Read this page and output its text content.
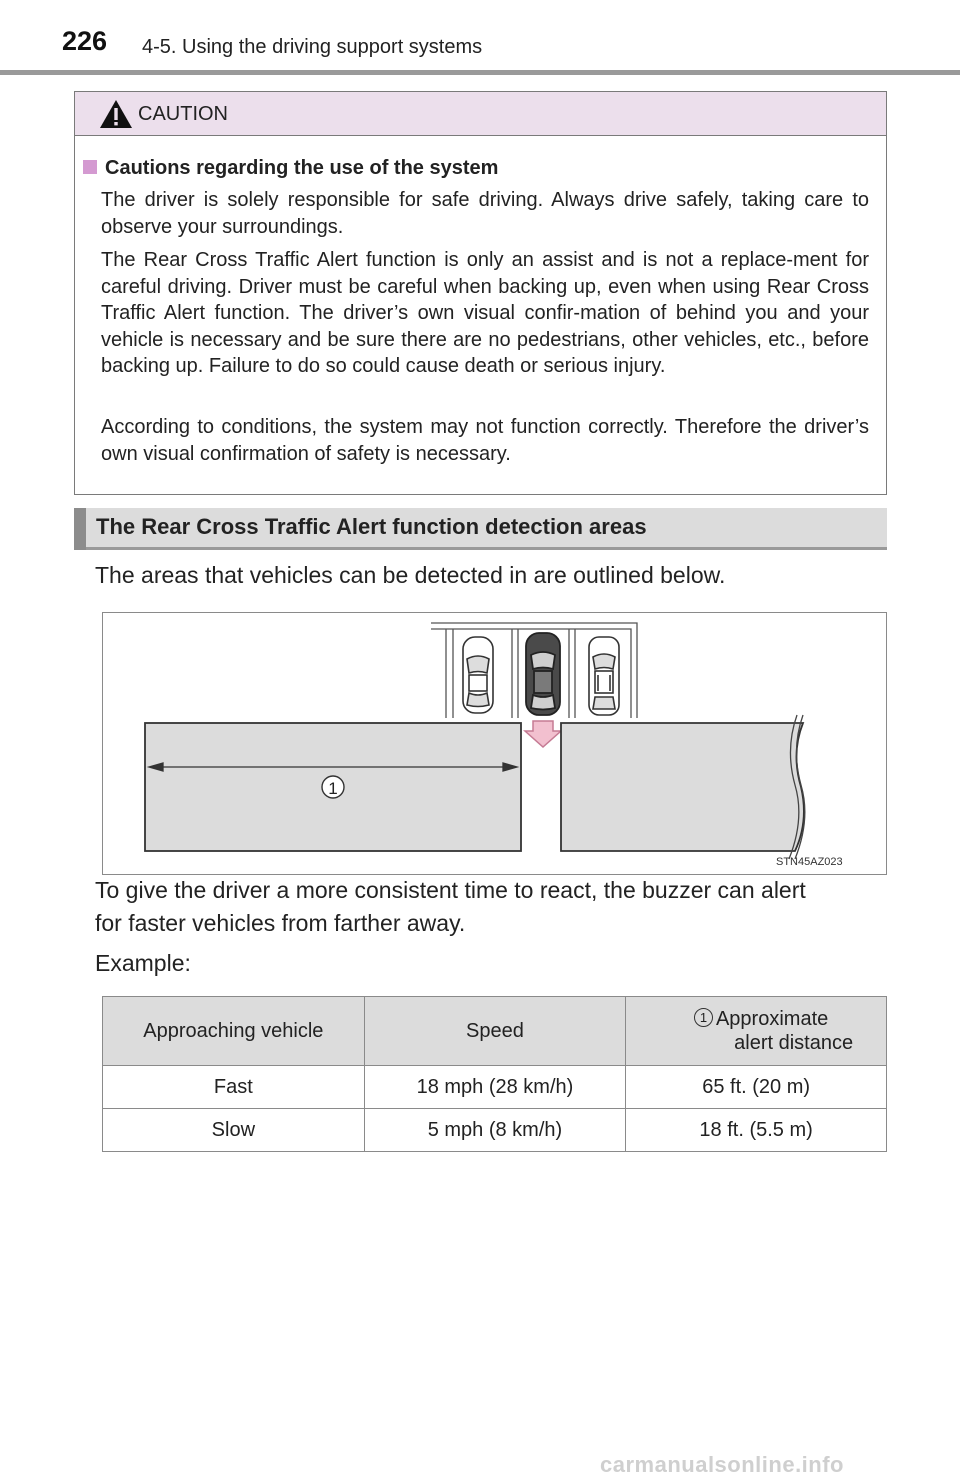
226 4-5. Using the driving support systems
CAUTION
Cautions regarding the use of the system

The driver is solely responsible for safe driving. Always drive safely, taking care to observe your surroundings.

The Rear Cross Traffic Alert function is only an assist and is not a replace-ment for careful driving. Driver must be careful when backing up, even when using Rear Cross Traffic Alert function. The driver’s own visual confir-mation of behind you and your vehicle is necessary and be sure there are no pedestrians, other vehicles, etc., before backing up. Failure to do so could cause death or serious injury.

According to conditions, the system may not function correctly. Therefore the driver’s own visual confirmation of safety is necessary.

The Rear Cross Traffic Alert function detection areas
The areas that vehicles can be detected in are outlined below.
1
STN45AZ023
To give the driver a more consistent time to react, the buzzer can alert
for faster vehicles from farther away.
Example:
Approaching vehicle	Speed	1 Approximate
alert distance

Fast	18 mph (28 km/h)	65 ft. (20 m)
Slow	5 mph (8 km/h)	18 ft. (5.5 m)
carmanualsonline.info
